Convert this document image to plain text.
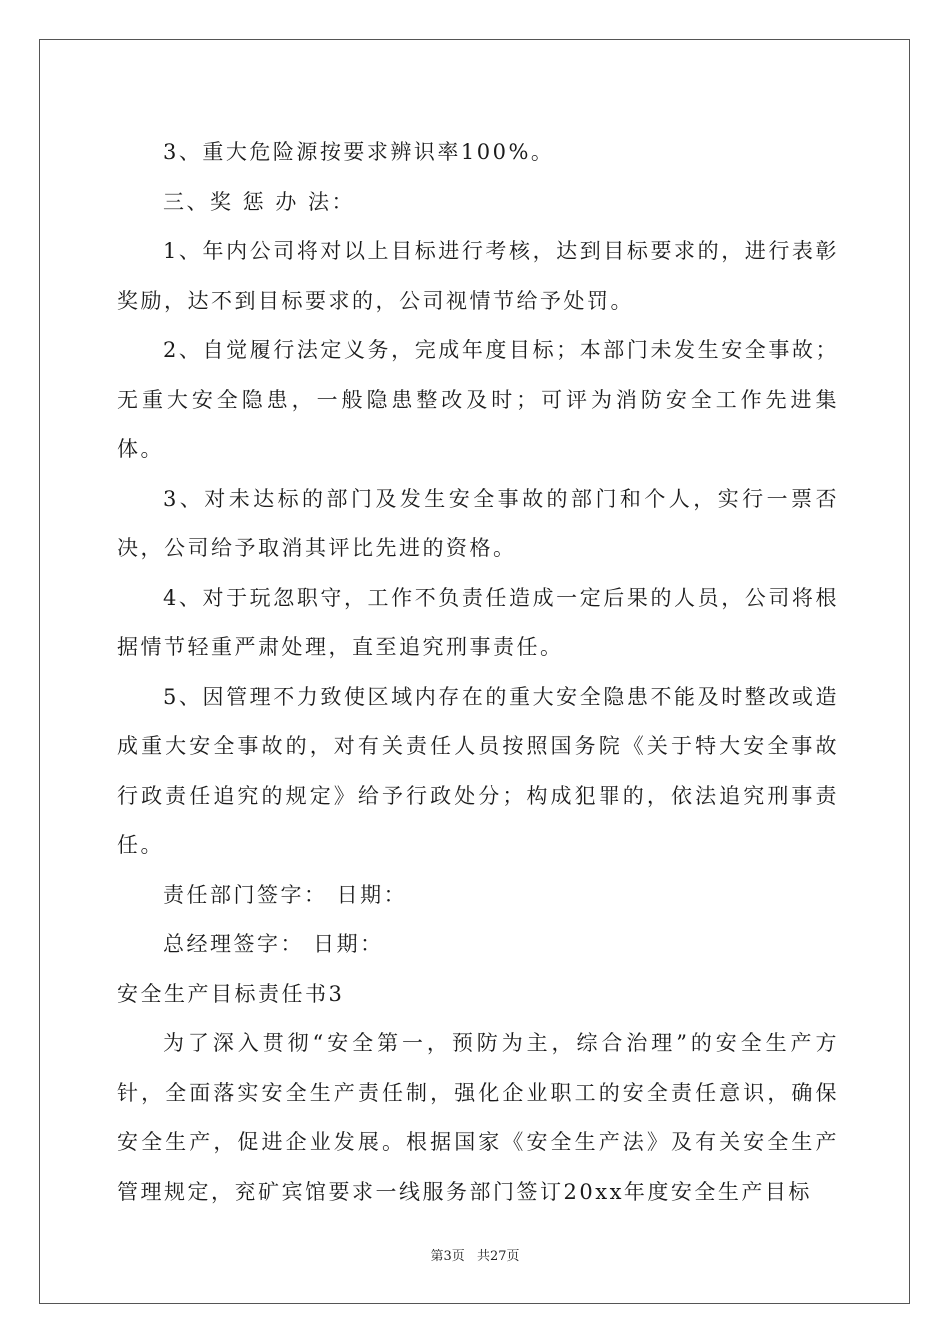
3、重大危险源按要求辨识率100%。

三、奖 惩 办 法：

1、年内公司将对以上目标进行考核，达到目标要求的，进行表彰奖励，达不到目标要求的，公司视情节给予处罚。

2、自觉履行法定义务，完成年度目标；本部门未发生安全事故；无重大安全隐患，一般隐患整改及时；可评为消防安全工作先进集体。

3、对未达标的部门及发生安全事故的部门和个人，实行一票否决，公司给予取消其评比先进的资格。

4、对于玩忽职守，工作不负责任造成一定后果的人员，公司将根据情节轻重严肃处理，直至追究刑事责任。

5、因管理不力致使区域内存在的重大安全隐患不能及时整改或造成重大安全事故的，对有关责任人员按照国务院《关于特大安全事故行政责任追究的规定》给予行政处分；构成犯罪的，依法追究刑事责任。

责任部门签字： 日期：

总经理签字： 日期：

安全生产目标责任书3

为了深入贯彻“安全第一，预防为主，综合治理”的安全生产方针，全面落实安全生产责任制，强化企业职工的安全责任意识，确保安全生产，促进企业发展。根据国家《安全生产法》及有关安全生产管理规定，兖矿宾馆要求一线服务部门签订20xx年度安全生产目标

第3页 共27页
